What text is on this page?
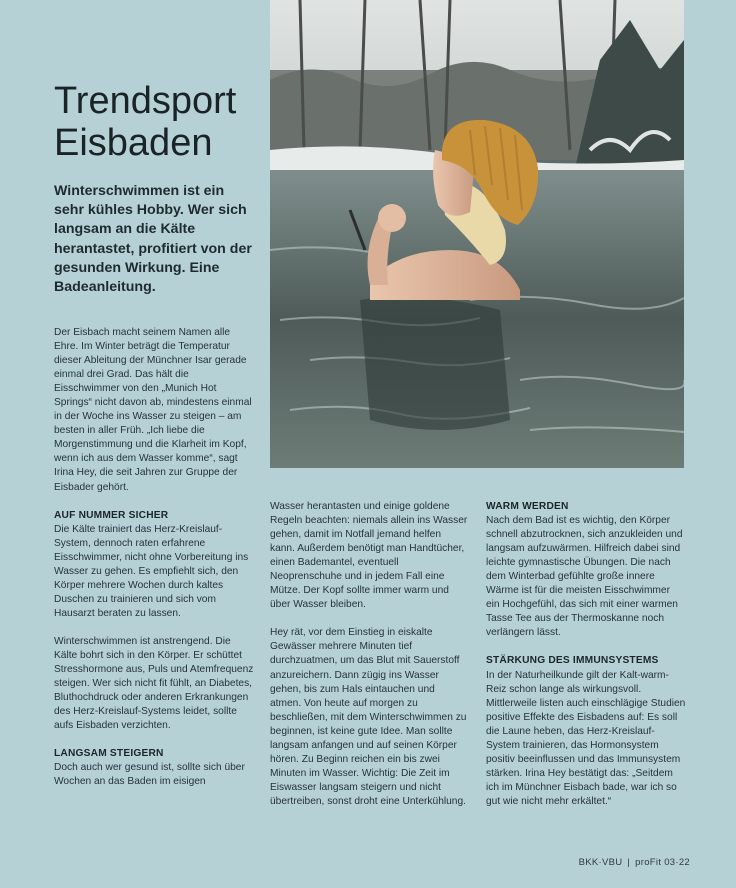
Trendsport
Eisbaden

Winterschwimmen ist ein sehr kühles Hobby. Wer sich langsam an die Kälte herantastet, profitiert von der gesunden Wirkung. Eine Badeanleitung.

Der Eisbach macht seinem Namen alle Ehre. Im Winter beträgt die Temperatur dieser Ableitung der Münchner Isar gerade einmal drei Grad. Das hält die Eisschwimmer von den „Munich Hot Springs“ nicht davon ab, mindestens einmal in der Woche ins Wasser zu steigen – am besten in aller Früh. „Ich liebe die Morgenstimmung und die Klarheit im Kopf, wenn ich aus dem Wasser komme“, sagt Irina Hey, die seit Jahren zur Gruppe der Eisbader gehört.

AUF NUMMER SICHER

Die Kälte trainiert das Herz-Kreislauf-System, dennoch raten erfahrene Eisschwimmer, nicht ohne Vorbereitung ins Wasser zu gehen. Es empfiehlt sich, den Körper mehrere Wochen durch kaltes Duschen zu trainieren und sich vom Hausarzt beraten zu lassen.

Winterschwimmen ist anstrengend. Die Kälte bohrt sich in den Körper. Er schüttet Stresshormone aus, Puls und Atemfrequenz steigen. Wer sich nicht fit fühlt, an Diabetes, Bluthochdruck oder anderen Erkrankungen des Herz-Kreislauf-Systems leidet, sollte aufs Eisbaden verzichten.

LANGSAM STEIGERN

Doch auch wer gesund ist, sollte sich über Wochen an das Baden im eisigen

Wasser herantasten und einige goldene Regeln beachten: niemals allein ins Wasser gehen, damit im Notfall jemand helfen kann. Außerdem benötigt man Handtücher, einen Bademantel, eventuell Neoprenschuhe und in jedem Fall eine Mütze. Der Kopf sollte immer warm und über Wasser bleiben.

Hey rät, vor dem Einstieg in eiskalte Gewässer mehrere Minuten tief durchzuatmen, um das Blut mit Sauerstoff anzureichern. Dann zügig ins Wasser gehen, bis zum Hals eintauchen und atmen. Von heute auf morgen zu beschließen, mit dem Winterschwimmen zu beginnen, ist keine gute Idee. Man sollte langsam anfangen und auf seinen Körper hören. Zu Beginn reichen ein bis zwei Minuten im Wasser. Wichtig: Die Zeit im Eiswasser langsam steigern und nicht übertreiben, sonst droht eine Unterkühlung.

WARM WERDEN

Nach dem Bad ist es wichtig, den Körper schnell abzutrocknen, sich anzukleiden und langsam aufzuwärmen. Hilfreich dabei sind leichte gymnastische Übungen. Die nach dem Winterbad gefühlte große innere Wärme ist für die meisten Eisschwimmer ein Hochgefühl, das sich mit einer warmen Tasse Tee aus der Thermoskanne noch verlängern lässt.

STÄRKUNG DES IMMUNSYSTEMS

In der Naturheilkunde gilt der Kalt-warm-Reiz schon lange als wirkungsvoll. Mittlerweile listen auch einschlägige Studien positive Effekte des Eisbadens auf: Es soll die Laune heben, das Herz-Kreislauf-System trainieren, das Hormonsystem positiv beeinflussen und das Immunsystem stärken. Irina Hey bestätigt das: „Seitdem ich im Münchner Eisbach bade, war ich so gut wie nicht mehr erkältet.“

BKK·VBU | proFit 03·22
